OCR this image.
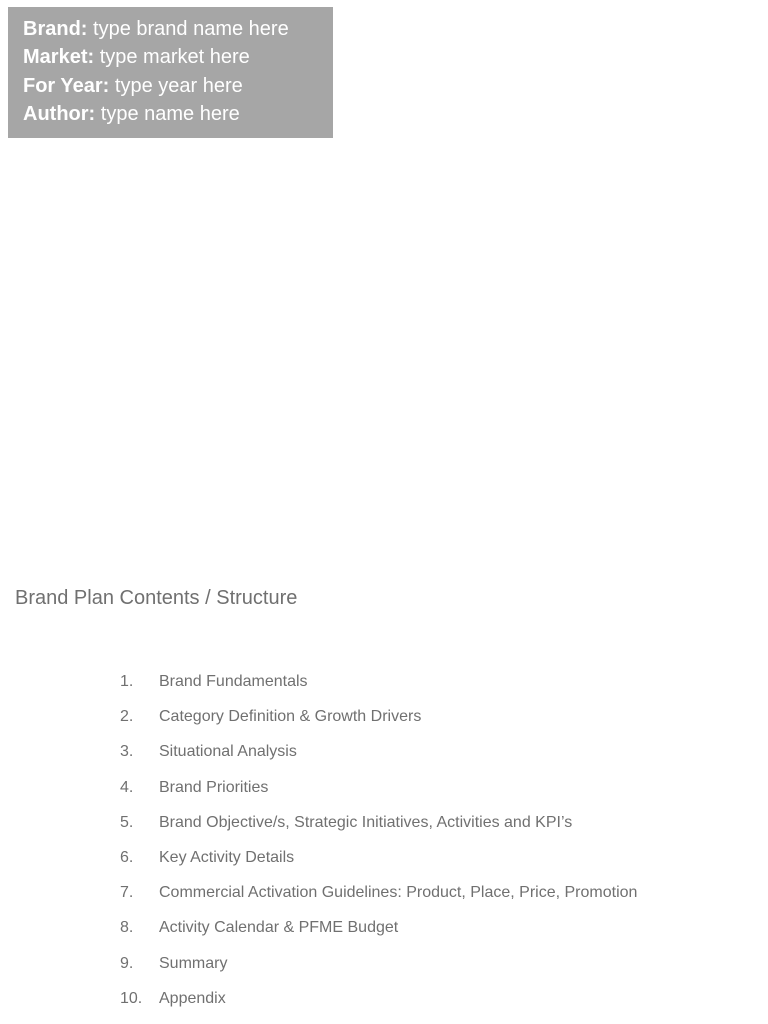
Brand: type brand name here
Market: type market here
For Year: type year here
Author: type name here
Brand Plan Contents / Structure
1.	Brand Fundamentals
2.	Category Definition & Growth Drivers
3.	Situational Analysis
4.	Brand Priorities
5.	Brand Objective/s, Strategic Initiatives, Activities and KPI’s
6.	Key Activity Details
7.	Commercial Activation Guidelines: Product, Place, Price, Promotion
8.	Activity Calendar & PFME Budget
9.	Summary
10.	Appendix
